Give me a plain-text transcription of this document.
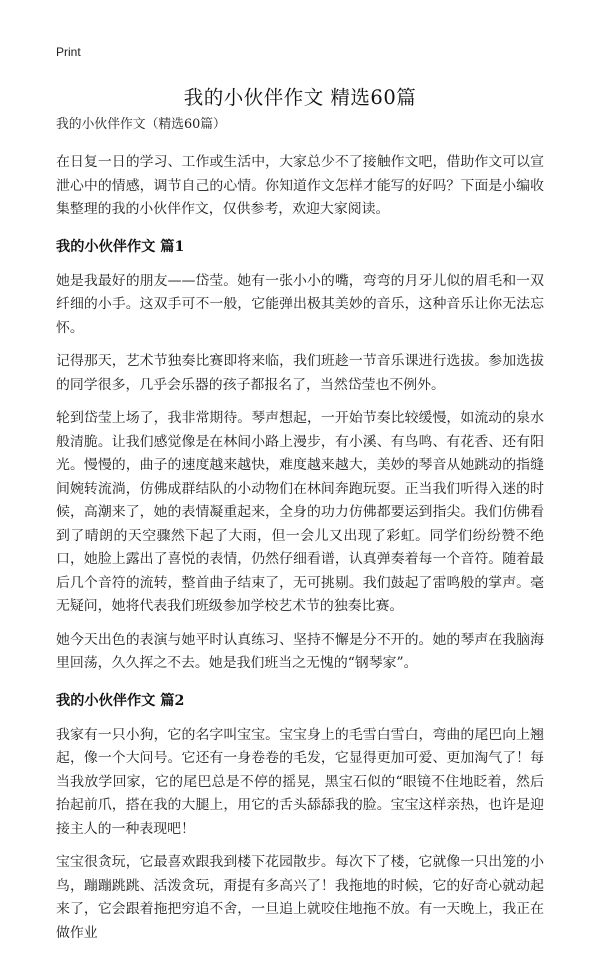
Print
我的小伙伴作文 精选60篇

我的小伙伴作文（精选60篇）

在日复一日的学习、工作或生活中，大家总少不了接触作文吧，借助作文可以宣泄心中的情感，调节自己的心情。你知道作文怎样才能写的好吗？下面是小编收集整理的我的小伙伴作文，仅供参考，欢迎大家阅读。

我的小伙伴作文 篇1

她是我最好的朋友——岱莹。她有一张小小的嘴，弯弯的月牙儿似的眉毛和一双纤细的小手。这双手可不一般，它能弹出极其美妙的音乐，这种音乐让你无法忘怀。

记得那天，艺术节独奏比赛即将来临，我们班趁一节音乐课进行选拔。参加选拔的同学很多，几乎会乐器的孩子都报名了，当然岱莹也不例外。

轮到岱莹上场了，我非常期待。琴声想起，一开始节奏比较缓慢，如流动的泉水般清脆。让我们感觉像是在林间小路上漫步，有小溪、有鸟鸣、有花香、还有阳光。慢慢的，曲子的速度越来越快，难度越来越大，美妙的琴音从她跳动的指缝间婉转流淌，仿佛成群结队的小动物们在林间奔跑玩耍。正当我们听得入迷的时候，高潮来了，她的表情凝重起来，全身的功力仿佛都要运到指尖。我们仿佛看到了晴朗的天空骤然下起了大雨，但一会儿又出现了彩虹。同学们纷纷赞不绝口，她脸上露出了喜悦的表情，仍然仔细看谱，认真弹奏着每一个音符。随着最后几个音符的流转，整首曲子结束了，无可挑剔。我们鼓起了雷鸣般的掌声。毫无疑问，她将代表我们班级参加学校艺术节的独奏比赛。

她今天出色的表演与她平时认真练习、坚持不懈是分不开的。她的琴声在我脑海里回荡，久久挥之不去。她是我们班当之无愧的“钢琴家”。

我的小伙伴作文 篇2

我家有一只小狗，它的名字叫宝宝。宝宝身上的毛雪白雪白，弯曲的尾巴向上翘起，像一个大问号。它还有一身卷卷的毛发，它显得更加可爱、更加淘气了！每当我放学回家，它的尾巴总是不停的摇晃，黑宝石似的“眼镜不住地眨着，然后抬起前爪，搭在我的大腿上，用它的舌头舔舔我的脸。宝宝这样亲热，也许是迎接主人的一种表现吧！

宝宝很贪玩，它最喜欢跟我到楼下花园散步。每次下了楼，它就像一只出笼的小鸟，蹦蹦跳跳、活泼贪玩，甭提有多高兴了！我拖地的时候，它的好奇心就动起来了，它会跟着拖把穷追不舍，一旦追上就咬住地拖不放。有一天晚上，我正在做作业
